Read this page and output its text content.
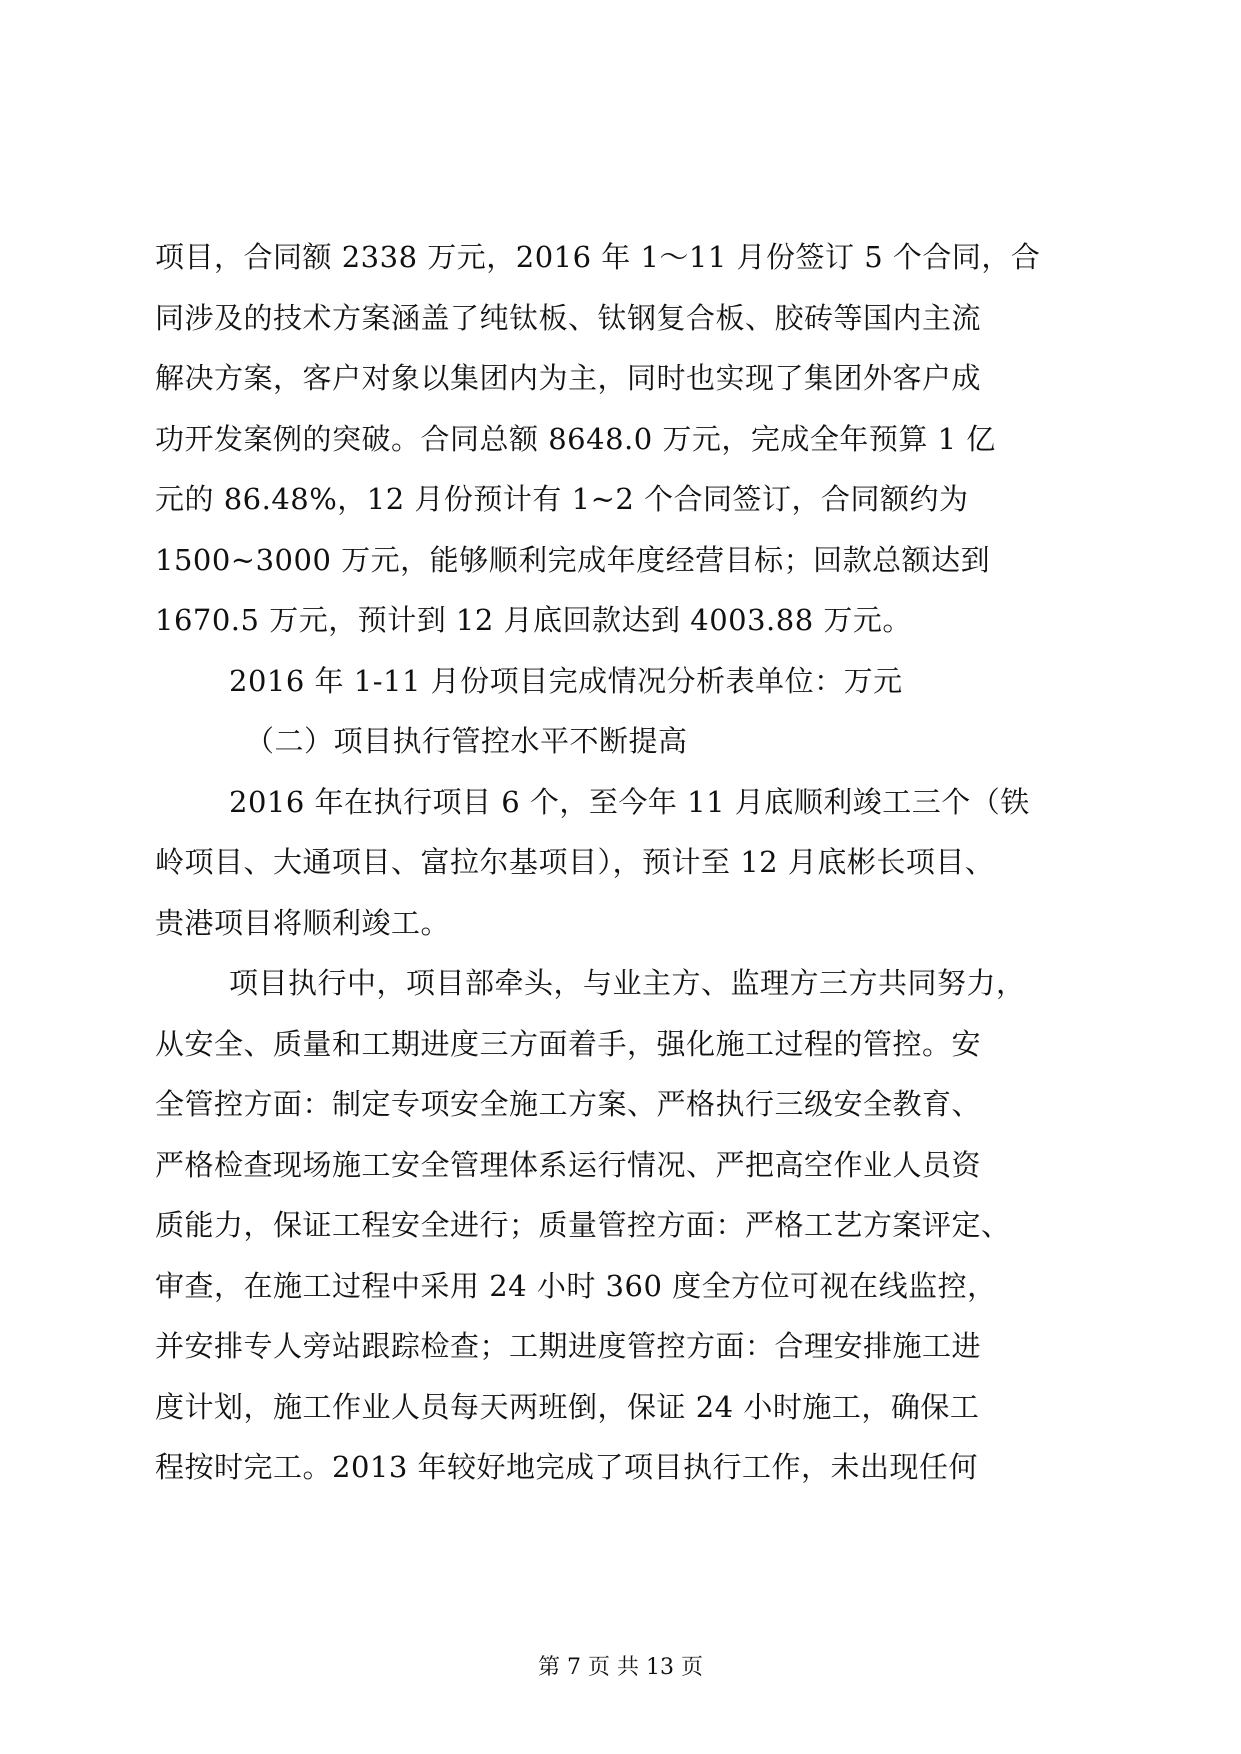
项目，合同额 2338 万元，2016 年 1～11 月份签订 5 个合同，合
同涉及的技术方案涵盖了纯钛板、钛钢复合板、胶砖等国内主流
解决方案，客户对象以集团内为主，同时也实现了集团外客户成
功开发案例的突破。合同总额 8648.0 万元，完成全年预算 1 亿
元的 86.48%，12 月份预计有 1~2 个合同签订，合同额约为
1500~3000 万元，能够顺利完成年度经营目标；回款总额达到
1670.5 万元，预计到 12 月底回款达到 4003.88 万元。
2016 年 1-11 月份项目完成情况分析表单位：万元
（二）项目执行管控水平不断提高
2016 年在执行项目 6 个，至今年 11 月底顺利竣工三个（铁
岭项目、大通项目、富拉尔基项目），预计至 12 月底彬长项目、
贵港项目将顺利竣工。
项目执行中，项目部牵头，与业主方、监理方三方共同努力，
从安全、质量和工期进度三方面着手，强化施工过程的管控。安
全管控方面：制定专项安全施工方案、严格执行三级安全教育、
严格检查现场施工安全管理体系运行情况、严把高空作业人员资
质能力，保证工程安全进行；质量管控方面：严格工艺方案评定、
审查，在施工过程中采用 24 小时 360 度全方位可视在线监控，
并安排专人旁站跟踪检查；工期进度管控方面：合理安排施工进
度计划，施工作业人员每天两班倒，保证 24 小时施工，确保工
程按时完工。2013 年较好地完成了项目执行工作，未出现任何
第 7 页 共 13 页
